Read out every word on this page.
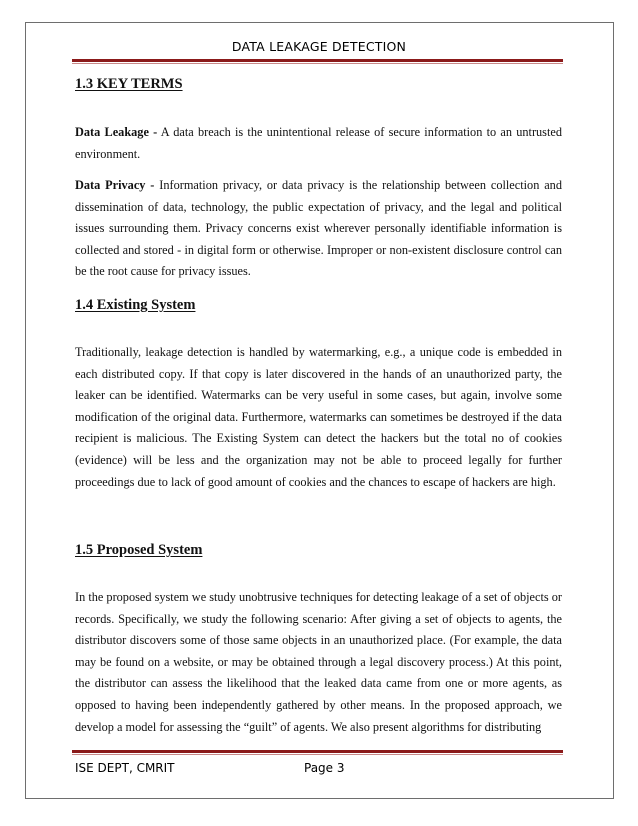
DATA LEAKAGE DETECTION
1.3 KEY TERMS

Data Leakage - A data breach is the unintentional release of secure information to an untrusted environment.

Data Privacy - Information privacy, or data privacy is the relationship between collection and dissemination of data, technology, the public expectation of privacy, and the legal and political issues surrounding them. Privacy concerns exist wherever personally identifiable information is collected and stored - in digital form or otherwise. Improper or non-existent disclosure control can be the root cause for privacy issues.

1.4 Existing System

Traditionally, leakage detection is handled by watermarking, e.g., a unique code is embedded in each distributed copy. If that copy is later discovered in the hands of an unauthorized party, the leaker can be identified. Watermarks can be very useful in some cases, but again, involve some modification of the original data. Furthermore, watermarks can sometimes be destroyed if the data recipient is malicious. The Existing System can detect the hackers but the total no of cookies (evidence) will be less and the organization may not be able to proceed legally for further proceedings due to lack of good amount of cookies and the chances to escape of hackers are high.

1.5 Proposed System

In the proposed system we study unobtrusive techniques for detecting leakage of a set of objects or records. Specifically, we study the following scenario: After giving a set of objects to agents, the distributor discovers some of those same objects in an unauthorized place. (For example, the data may be found on a website, or may be obtained through a legal discovery process.) At this point, the distributor can assess the likelihood that the leaked data came from one or more agents, as opposed to having been independently gathered by other means. In the proposed approach, we develop a model for assessing the “guilt” of agents. We also present algorithms for distributing

ISE DEPT, CMRIT	Page 3
